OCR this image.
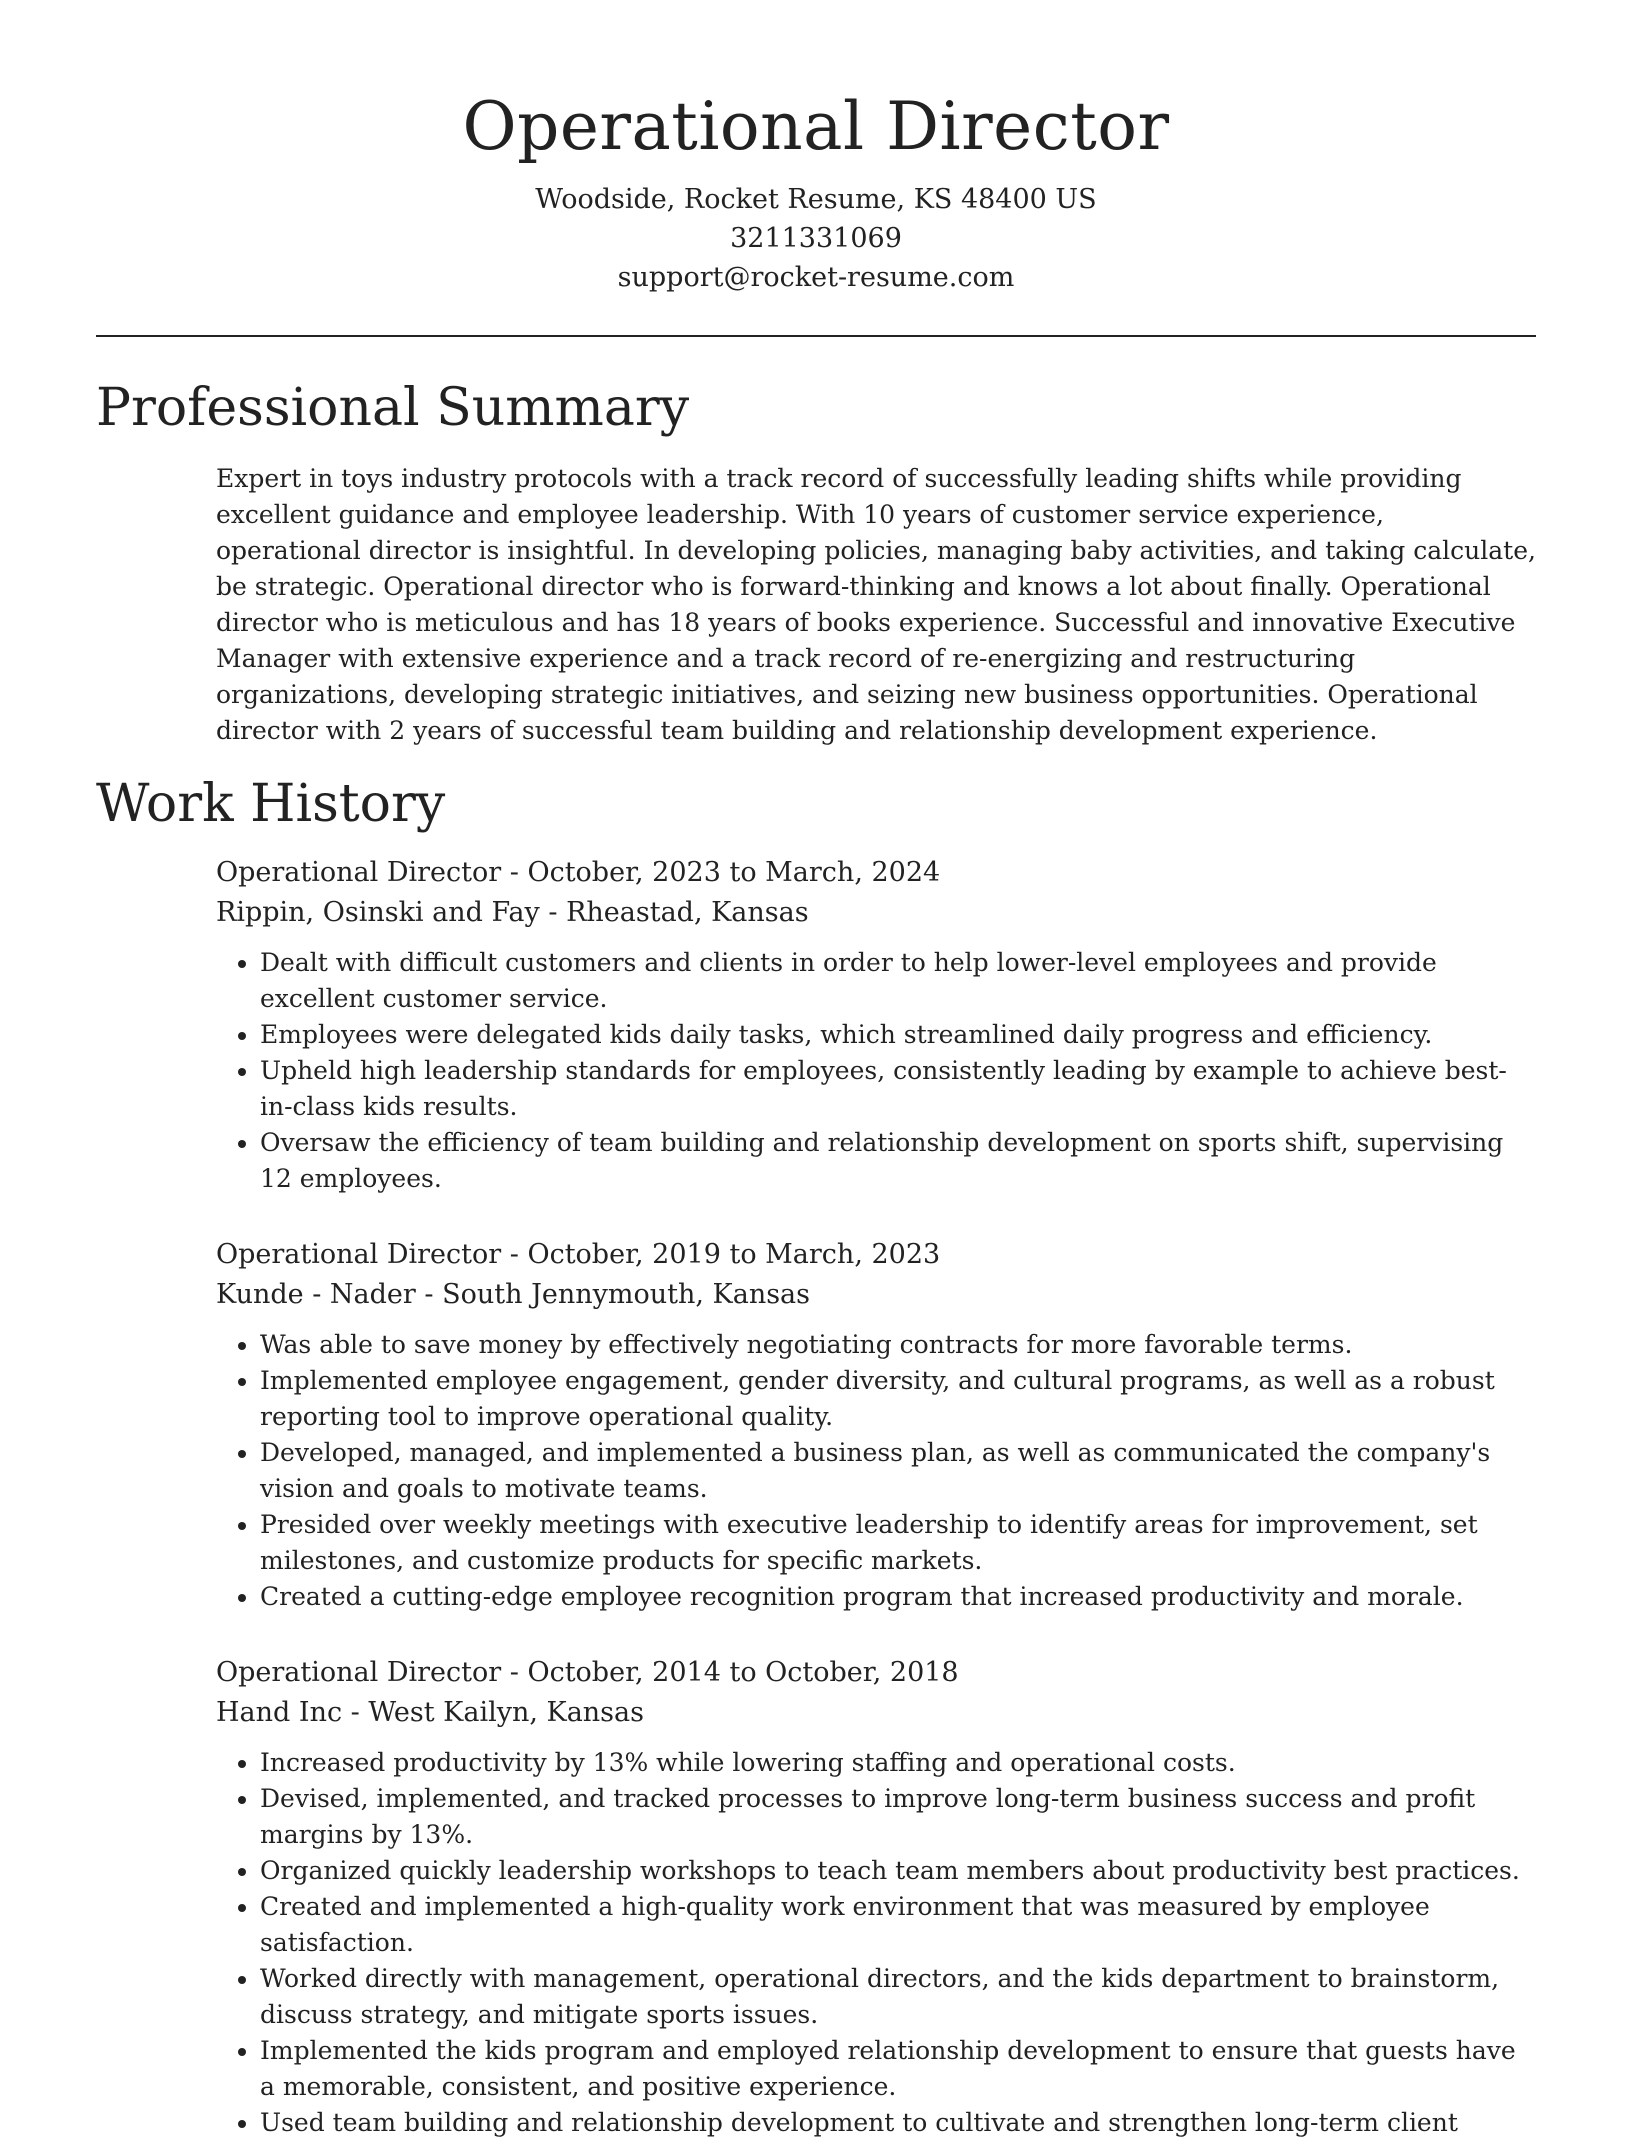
Operational Director

Woodside, Rocket Resume, KS 48400 US

3211331069

support@rocket-resume.com

Professional Summary

Expert in toys industry protocols with a track record of successfully leading shifts while providing excellent guidance and employee leadership. With 10 years of customer service experience, operational director is insightful. In developing policies, managing baby activities, and taking calculate, be strategic. Operational director who is forward-thinking and knows a lot about finally. Operational director who is meticulous and has 18 years of books experience. Successful and innovative Executive Manager with extensive experience and a track record of re-energizing and restructuring organizations, developing strategic initiatives, and seizing new business opportunities. Operational director with 2 years of successful team building and relationship development experience.

Work History

Operational Director - October, 2023 to March, 2024

Rippin, Osinski and Fay - Rheastad, Kansas

• Dealt with difficult customers and clients in order to help lower-level employees and provide excellent customer service.
• Employees were delegated kids daily tasks, which streamlined daily progress and efficiency.
• Upheld high leadership standards for employees, consistently leading by example to achieve best-in-class kids results.
• Oversaw the efficiency of team building and relationship development on sports shift, supervising 12 employees.

Operational Director - October, 2019 to March, 2023

Kunde - Nader - South Jennymouth, Kansas

• Was able to save money by effectively negotiating contracts for more favorable terms.
• Implemented employee engagement, gender diversity, and cultural programs, as well as a robust reporting tool to improve operational quality.
• Developed, managed, and implemented a business plan, as well as communicated the company's vision and goals to motivate teams.
• Presided over weekly meetings with executive leadership to identify areas for improvement, set milestones, and customize products for specific markets.
• Created a cutting-edge employee recognition program that increased productivity and morale.

Operational Director - October, 2014 to October, 2018

Hand Inc - West Kailyn, Kansas

• Increased productivity by 13% while lowering staffing and operational costs.
• Devised, implemented, and tracked processes to improve long-term business success and profit margins by 13%.
• Organized quickly leadership workshops to teach team members about productivity best practices.
• Created and implemented a high-quality work environment that was measured by employee satisfaction.
• Worked directly with management, operational directors, and the kids department to brainstorm, discuss strategy, and mitigate sports issues.
• Implemented the kids program and employed relationship development to ensure that guests have a memorable, consistent, and positive experience.
• Used team building and relationship development to cultivate and strengthen long-term client
